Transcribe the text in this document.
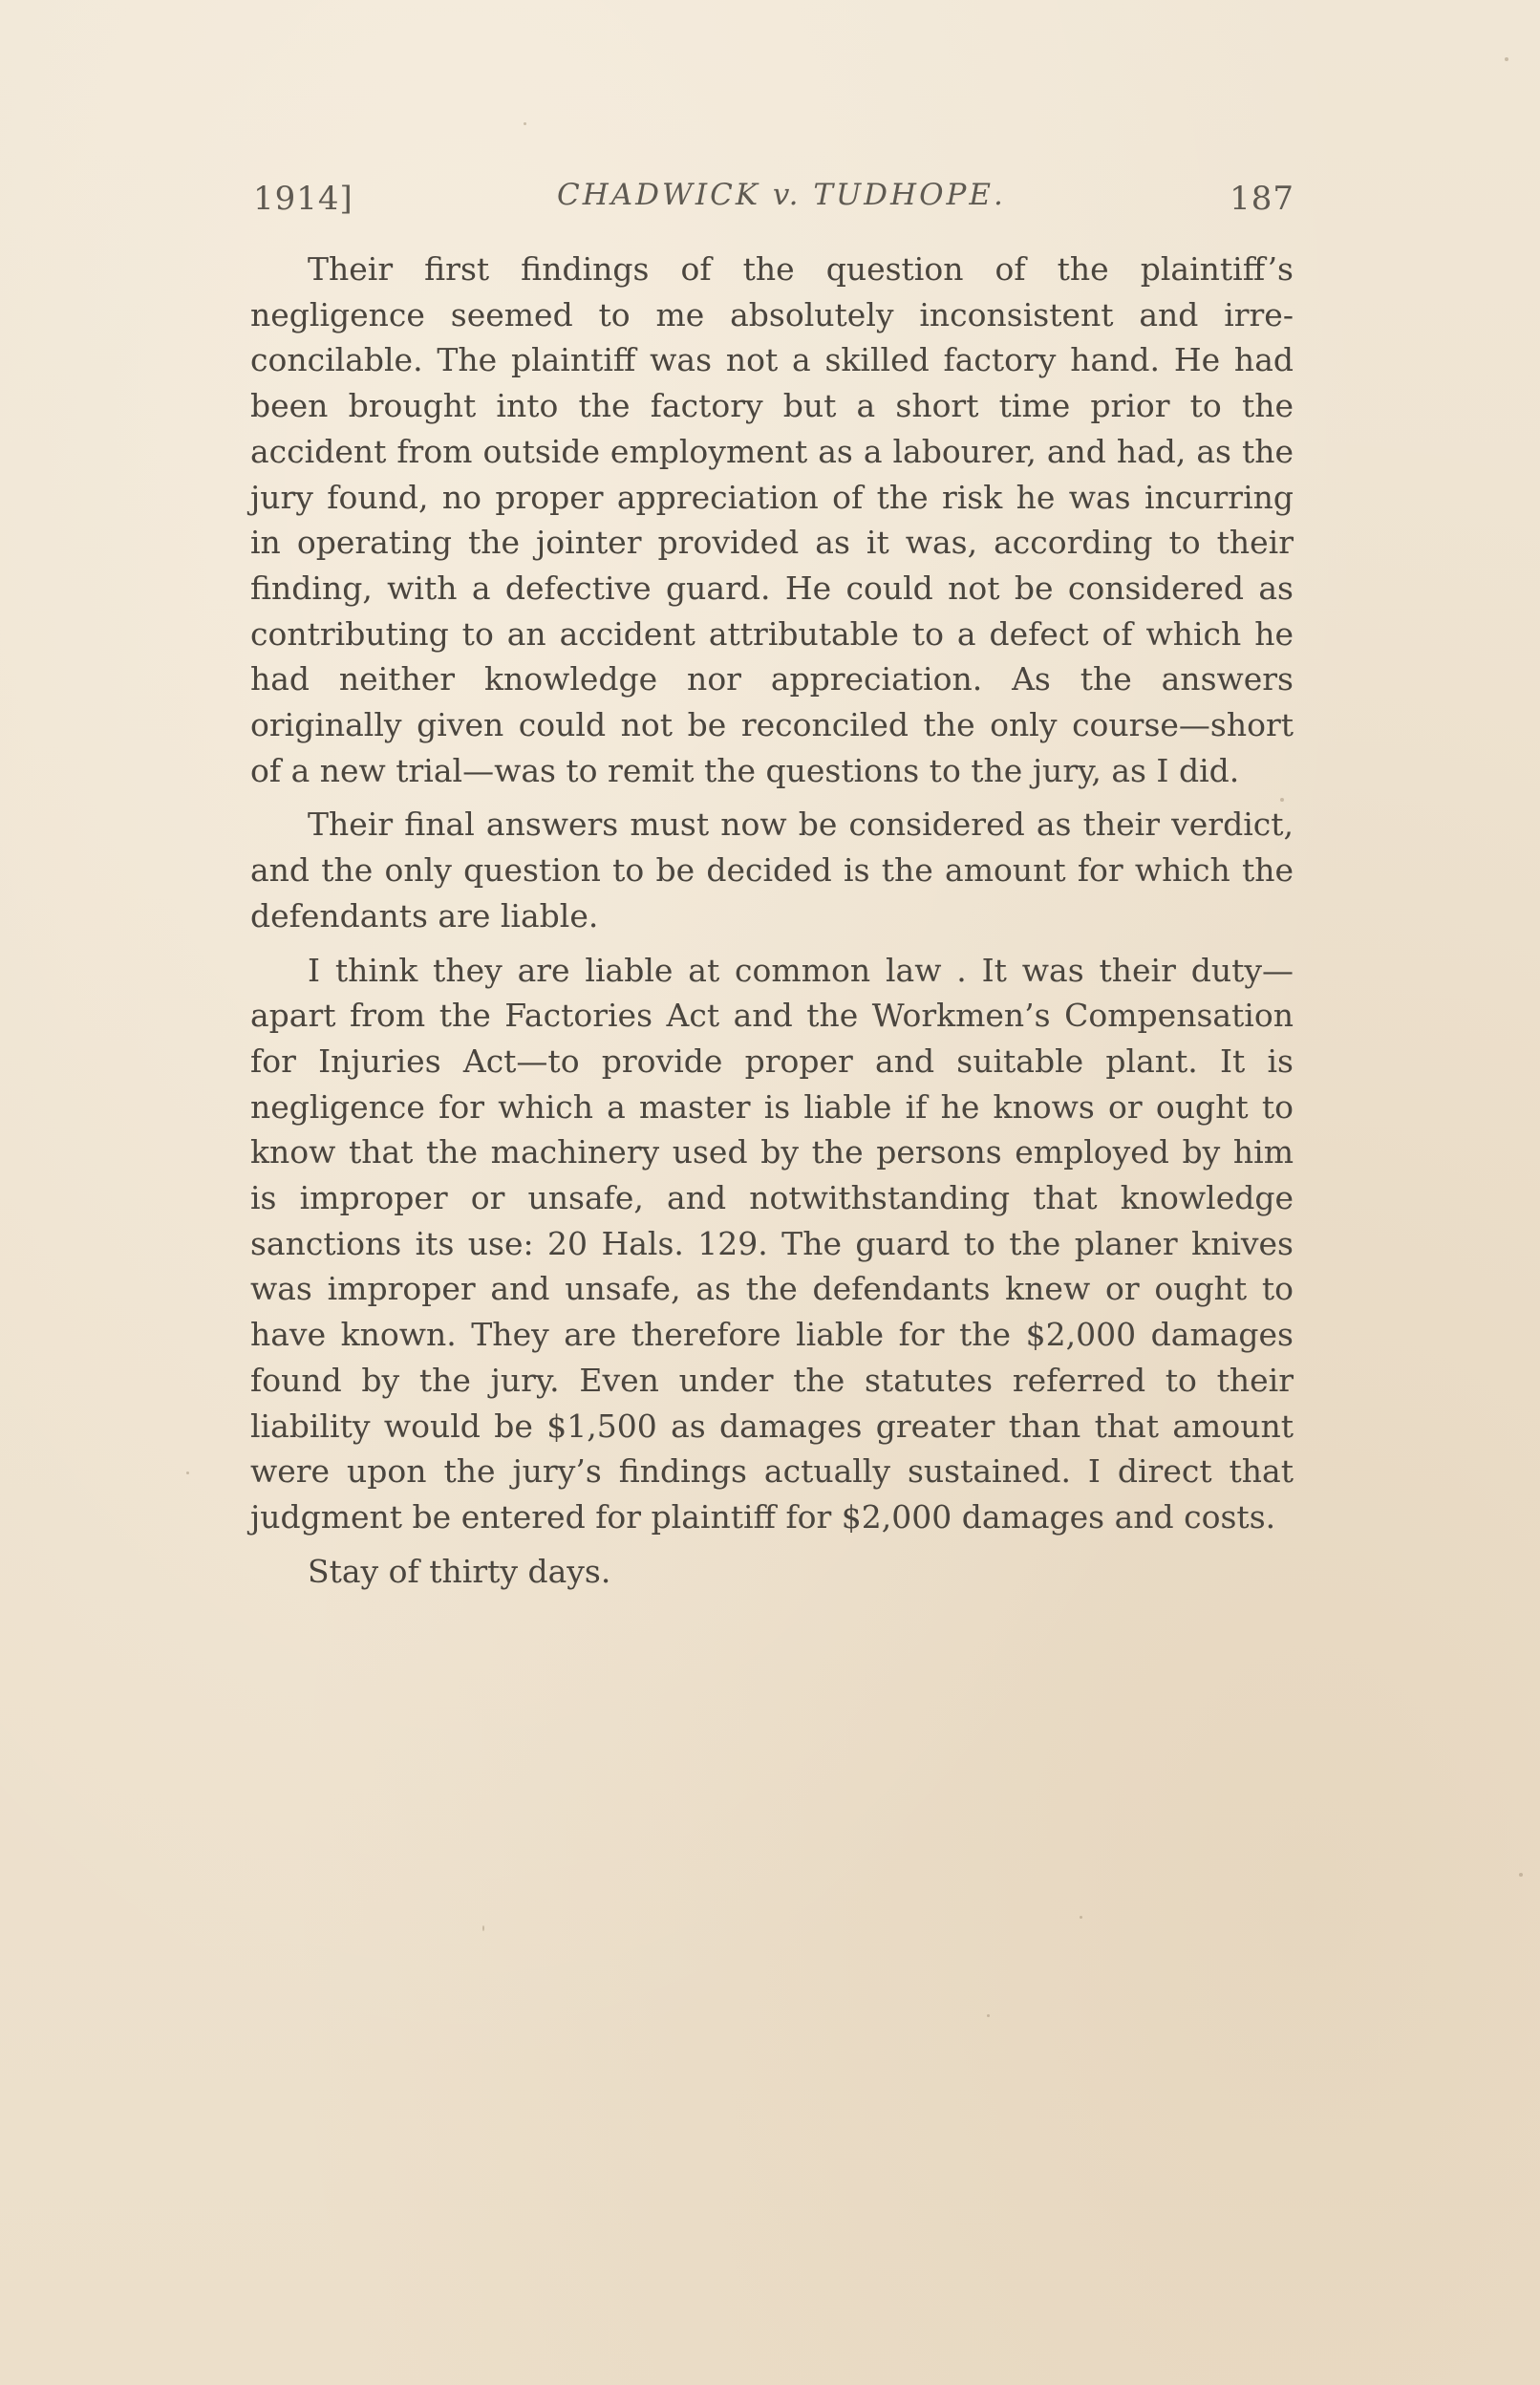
1914]	CHADWICK v. TUDHOPE.	187

Their first findings of the question of the plaintiff’s negligence seemed to me absolutely inconsistent and irreconcilable. The plaintiff was not a skilled factory hand. He had been brought into the factory but a short time prior to the accident from outside employment as a labourer, and had, as the jury found, no proper appreciation of the risk he was incurring in operating the jointer provided as it was, according to their finding, with a defective guard. He could not be considered as contributing to an accident attributable to a defect of which he had neither knowledge nor appreciation. As the answers originally given could not be reconciled the only course—short of a new trial—was to remit the questions to the jury, as I did.

Their final answers must now be considered as their verdict, and the only question to be decided is the amount for which the defendants are liable.

I think they are liable at common law . It was their duty—apart from the Factories Act and the Workmen’s Compensation for Injuries Act—to provide proper and suitable plant. It is negligence for which a master is liable if he knows or ought to know that the machinery used by the persons employed by him is improper or unsafe, and notwithstanding that knowledge sanctions its use: 20 Hals. 129. The guard to the planer knives was improper and unsafe, as the defendants knew or ought to have known. They are therefore liable for the $2,000 damages found by the jury. Even under the statutes referred to their liability would be $1,500 as damages greater than that amount were upon the jury’s findings actually sustained. I direct that judgment be entered for plaintiff for $2,000 damages and costs.

Stay of thirty days.
